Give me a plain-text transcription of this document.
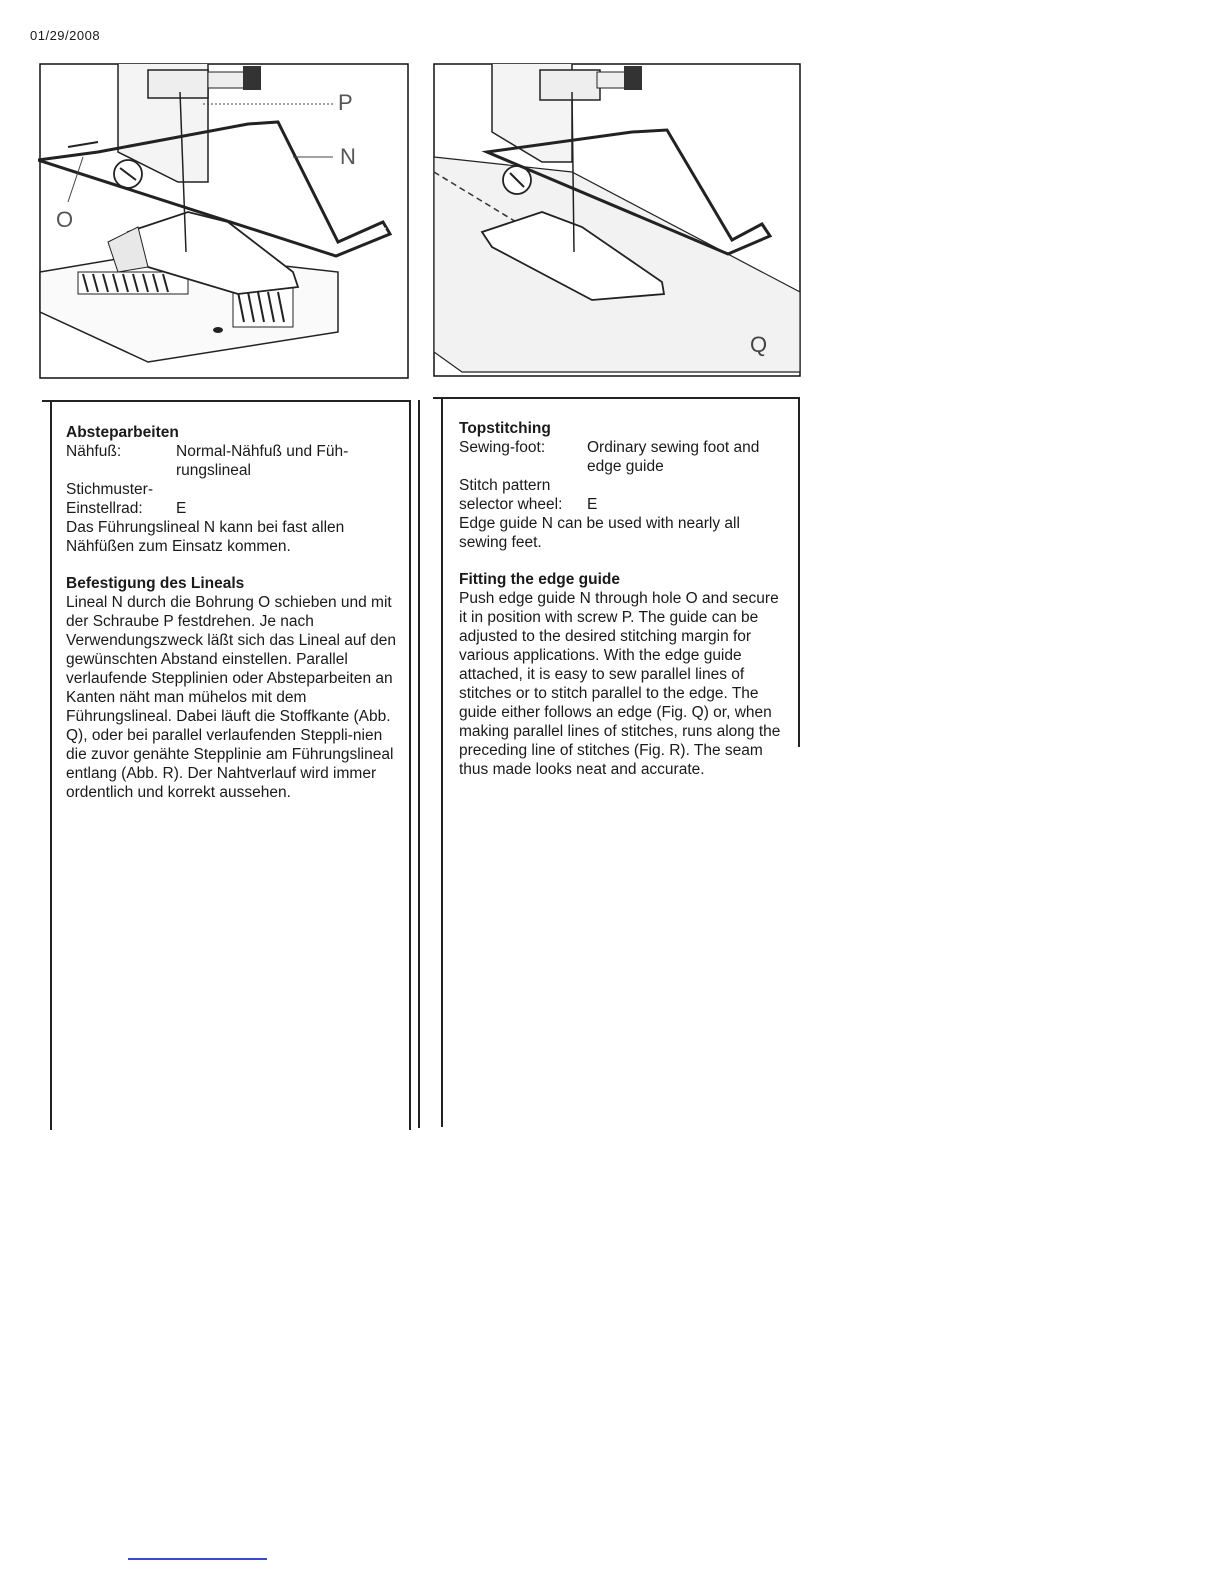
01/29/2008
P
N
O
Q
Absteparbeiten
Nähfuß:	Normal-Nähfuß und Füh-rungslineal
Stichmuster-
Einstellrad:	E

Das Führungslineal N kann bei fast allen Nähfüßen zum Einsatz kommen.

Befestigung des Lineals

Lineal N durch die Bohrung O schieben und mit der Schraube P festdrehen. Je nach Verwendungszweck läßt sich das Lineal auf den gewünschten Abstand einstellen. Parallel verlaufende Stepplinien oder Absteparbeiten an Kanten näht man mühelos mit dem Führungslineal. Dabei läuft die Stoffkante (Abb. Q), oder bei parallel verlaufenden Steppli-nien die zuvor genähte Stepplinie am Führungslineal entlang (Abb. R). Der Nahtverlauf wird immer ordentlich und korrekt aussehen.

Topstitching
Sewing-foot:	Ordinary sewing foot and edge guide
Stitch pattern
selector wheel:	E

Edge guide N can be used with nearly all sewing feet.

Fitting the edge guide

Push edge guide N through hole O and secure it in position with screw P. The guide can be adjusted to the desired stitching margin for various applications. With the edge guide attached, it is easy to sew parallel lines of stitches or to stitch parallel to the edge. The guide either follows an edge (Fig. Q) or, when making parallel lines of stitches, runs along the preceding line of stitches (Fig. R). The seam thus made looks neat and accurate.
